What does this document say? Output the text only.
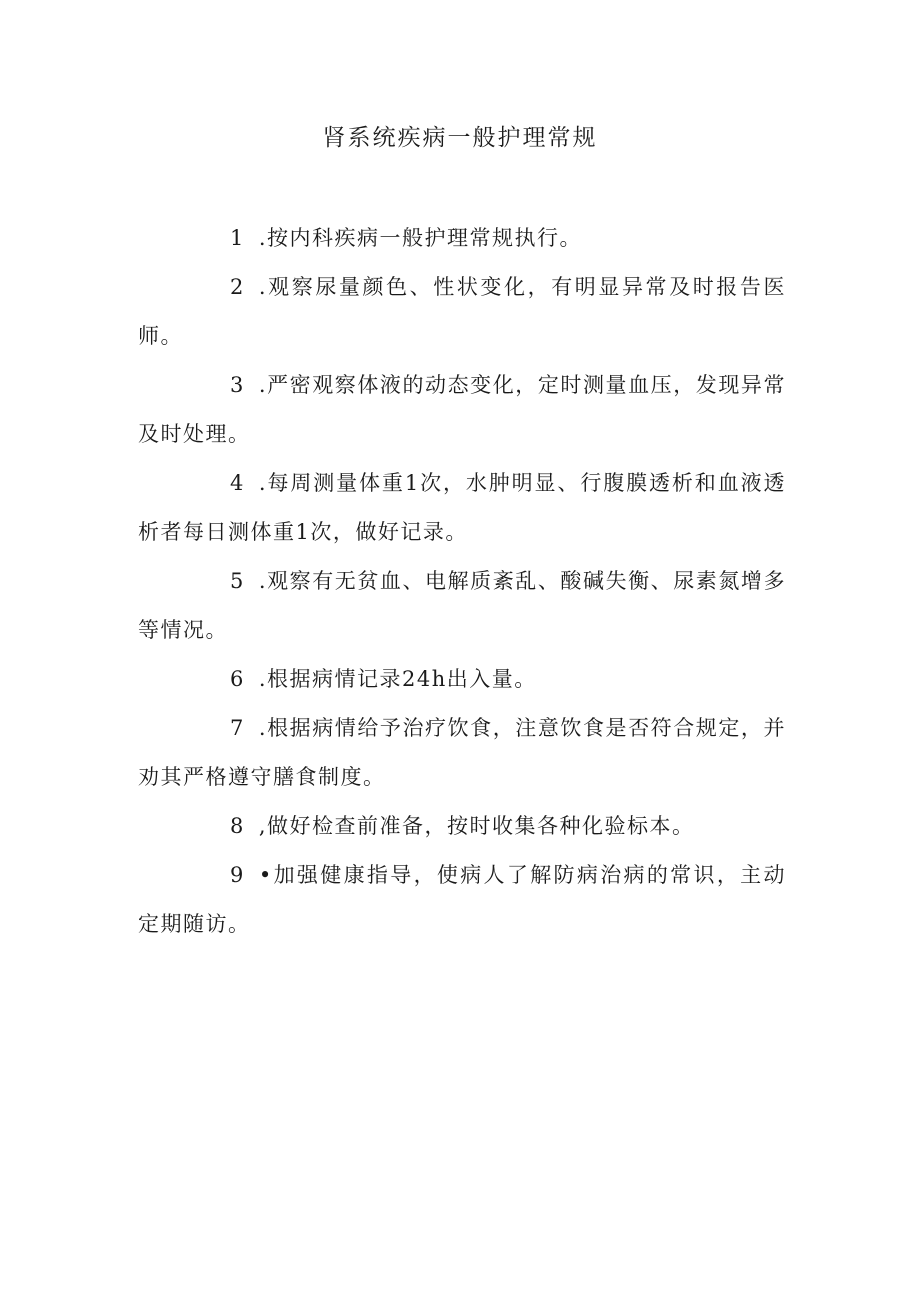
肾系统疾病一般护理常规

1 .按内科疾病一般护理常规执行。

2 .观察尿量颜色、性状变化，有明显异常及时报告医师。

3 .严密观察体液的动态变化，定时测量血压，发现异常及时处理。

4 .每周测量体重1次，水肿明显、行腹膜透析和血液透析者每日测体重1次，做好记录。

5 .观察有无贫血、电解质紊乱、酸碱失衡、尿素氮增多等情况。

6 .根据病情记录24h出入量。

7 .根据病情给予治疗饮食，注意饮食是否符合规定，并劝其严格遵守膳食制度。

8 ,做好检查前准备，按时收集各种化验标本。

9 •加强健康指导，使病人了解防病治病的常识，主动定期随访。
